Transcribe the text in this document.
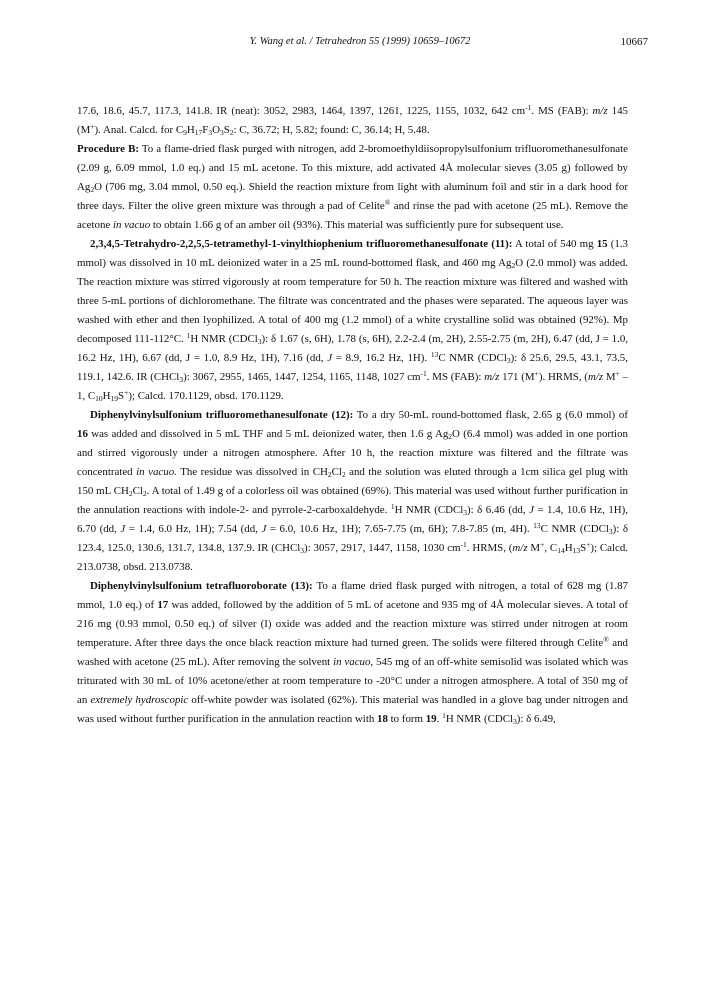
Y. Wang et al. / Tetrahedron 55 (1999) 10659–10672	10667

17.6, 18.6, 45.7, 117.3, 141.8. IR (neat): 3052, 2983, 1464, 1397, 1261, 1225, 1155, 1032, 642 $cm^{-1}$. MS (FAB): m/z 145 (M+). Anal. Calcd. for $C_9H_{17}F_3O_3S_2$: C, 36.72; H, 5.82; found: C, 36.14; H, 5.48.

Procedure B: To a flame-dried flask purged with nitrogen, add 2-bromoethyldiisopropylsulfonium trifluoromethanesulfonate (2.09 g, 6.09 mmol, 1.0 eq.) and 15 mL acetone. To this mixture, add activated 4Å molecular sieves (3.05 g) followed by $Ag_2O$ (706 mg, 3.04 mmol, 0.50 eq.). Shield the reaction mixture from light with aluminum foil and stir in a dark hood for three days. Filter the olive green mixture was through a pad of Celite® and rinse the pad with acetone (25 mL). Remove the acetone in vacuo to obtain 1.66 g of an amber oil (93%). This material was sufficiently pure for subsequent use.

2,3,4,5-Tetrahydro-2,2,5,5-tetramethyl-1-vinylthiophenium trifluoromethanesulfonate (11): A total of 540 mg 15 (1.3 mmol) was dissolved in 10 mL deionized water in a 25 mL round-bottomed flask, and 460 mg $Ag_2O$ (2.0 mmol) was added. The reaction mixture was stirred vigorously at room temperature for 50 h. The reaction mixture was filtered and washed with three 5-mL portions of dichloromethane. The filtrate was concentrated and the phases were separated. The aqueous layer was washed with ether and then lyophilized. A total of 400 mg (1.2 mmol) of a white crystalline solid was obtained (92%). Mp decomposed 111-112°C. $^1$H NMR (CDCl$_3$): δ 1.67 (s, 6H), 1.78 (s, 6H), 2.2-2.4 (m, 2H), 2.55-2.75 (m, 2H), 6.47 (dd, J = 1.0, 16.2 Hz, 1H), 6.67 (dd, J = 1.0, 8.9 Hz, 1H), 7.16 (dd, J = 8.9, 16.2 Hz, 1H). $^{13}$C NMR (CDCl$_3$): δ 25.6, 29.5, 43.1, 73.5, 119.1, 142.6. IR (CHCl$_3$): 3067, 2955, 1465, 1447, 1254, 1165, 1148, 1027 $cm^{-1}$. MS (FAB): m/z 171 (M+). HRMS, (m/z M+ – 1, $C_{10}H_{19}S^+$); Calcd. 170.1129, obsd. 170.1129.

Diphenylvinylsulfonium trifluoromethanesulfonate (12): To a dry 50-mL round-bottomed flask, 2.65 g (6.0 mmol) of 16 was added and dissolved in 5 mL THF and 5 mL deionized water, then 1.6 g $Ag_2O$ (6.4 mmol) was added in one portion and stirred vigorously under a nitrogen atmosphere. After 10 h, the reaction mixture was filtered and the filtrate was concentrated in vacuo. The residue was dissolved in $CH_2Cl_2$ and the solution was eluted through a 1cm silica gel plug with 150 mL $CH_2Cl_2$. A total of 1.49 g of a colorless oil was obtained (69%). This material was used without further purification in the annulation reactions with indole-2- and pyrrole-2-carboxaldehyde. $^1$H NMR (CDCl$_3$): δ 6.46 (dd, J = 1.4, 10.6 Hz, 1H), 6.70 (dd, J = 1.4, 6.0 Hz, 1H); 7.54 (dd, J = 6.0, 10.6 Hz, 1H); 7.65-7.75 (m, 6H); 7.8-7.85 (m, 4H). $^{13}$C NMR (CDCl$_3$): δ 123.4, 125.0, 130.6, 131.7, 134.8, 137.9. IR (CHCl$_3$): 3057, 2917, 1447, 1158, 1030 $cm^{-1}$. HRMS, (m/z M+, $C_{14}H_{13}S^+$); Calcd. 213.0738, obsd. 213.0738.

Diphenylvinylsulfonium tetrafluoroborate (13): To a flame dried flask purged with nitrogen, a total of 628 mg (1.87 mmol, 1.0 eq.) of 17 was added, followed by the addition of 5 mL of acetone and 935 mg of 4Å molecular sieves. A total of 216 mg (0.93 mmol, 0.50 eq.) of silver (I) oxide was added and the reaction mixture was stirred under nitrogen at room temperature. After three days the once black reaction mixture had turned green. The solids were filtered through Celite® and washed with acetone (25 mL). After removing the solvent in vacuo, 545 mg of an off-white semisolid was isolated which was triturated with 30 mL of 10% acetone/ether at room temperature to -20°C under a nitrogen atmosphere. A total of 350 mg of an extremely hydroscopic off-white powder was isolated (62%). This material was handled in a glove bag under nitrogen and was used without further purification in the annulation reaction with 18 to form 19. $^1$H NMR (CDCl$_3$): δ 6.49,
